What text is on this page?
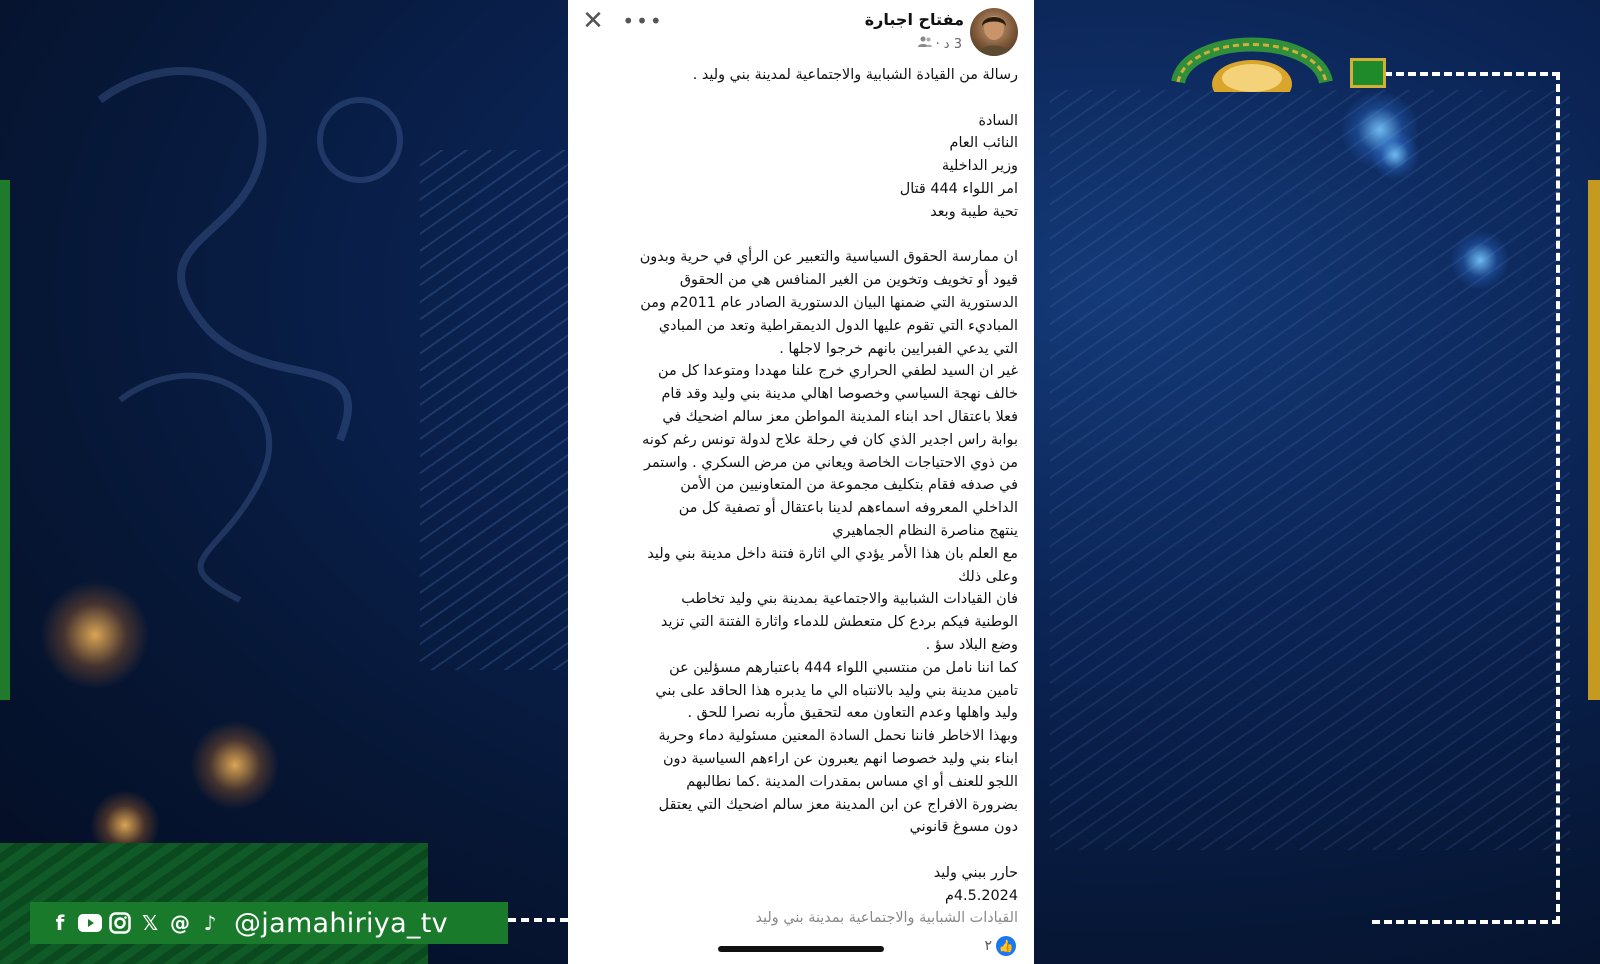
f	𝕏 @ ♪ @jamahiriya_tv
✕ •••	مفتاح اجبارة
3 د
·
رسالة من القيادة الشبابية والاجتماعية لمدينة بني وليد .
السادة
النائب العام
وزير الداخلية
امر اللواء 444 قتال
تحية طيبة وبعد
ان ممارسة الحقوق السياسية والتعبير عن الرأي في حرية وبدون
قيود أو تخويف وتخوين من الغير المنافس هي من الحقوق
الدستورية التي ضمنها البيان الدستورية الصادر عام 2011م ومن
المباديء التي تقوم عليها الدول الديمقراطية وتعد من المبادي
التي يدعي الفبرايين بانهم خرجوا لاجلها .
غير ان السيد لطفي الحراري خرج علنا مهددا ومتوعدا كل من
خالف نهجة السياسي وخصوصا اهالي مدينة بني وليد وقد قام
فعلا باعتقال احد ابناء المدينة المواطن معز سالم اضحيك في
بوابة راس اجدير الذي كان في رحلة علاج لدولة تونس رغم كونه
من ذوي الاحتياجات الخاصة ويعاني من مرض السكري . واستمر
في صدفه فقام بتكليف مجموعة من المتعاونيين من الأمن
الداخلي المعروفه اسماءهم لدينا باعتقال أو تصفية كل من
ينتهج مناصرة النظام الجماهيري
مع العلم بان هذا الأمر يؤدي الي اثارة فتنة داخل مدينة بني وليد
وعلى ذلك
فان القيادات الشبابية والاجتماعية بمدينة بني وليد تخاطب
الوطنية فيكم بردع كل متعطش للدماء واثارة الفتنة التي تزيد
وضع البلاد سؤ .
كما اننا نامل من منتسبي اللواء 444 باعتبارهم مسؤلين عن
تامين مدينة بني وليد بالانتباه الي ما يدبره هذا الحاقد على بني
وليد واهلها وعدم التعاون معه لتحقيق مأربه نصرا للحق .
وبهذا الاخاطر فاننا نحمل السادة المعنين مسئولية دماء وحرية
ابناء بني وليد خصوصا انهم يعبرون عن اراءهم السياسية دون
اللجو للعنف أو اي مساس بمقدرات المدينة .كما نطالبهم
بضرورة الافراج عن ابن المدينة معز سالم اضحيك التي يعتقل
دون مسوغ قانوني
حارر ببني وليد
4.5.2024م
القيادات الشبابية والاجتماعية بمدينة بني وليد
👍
٢
